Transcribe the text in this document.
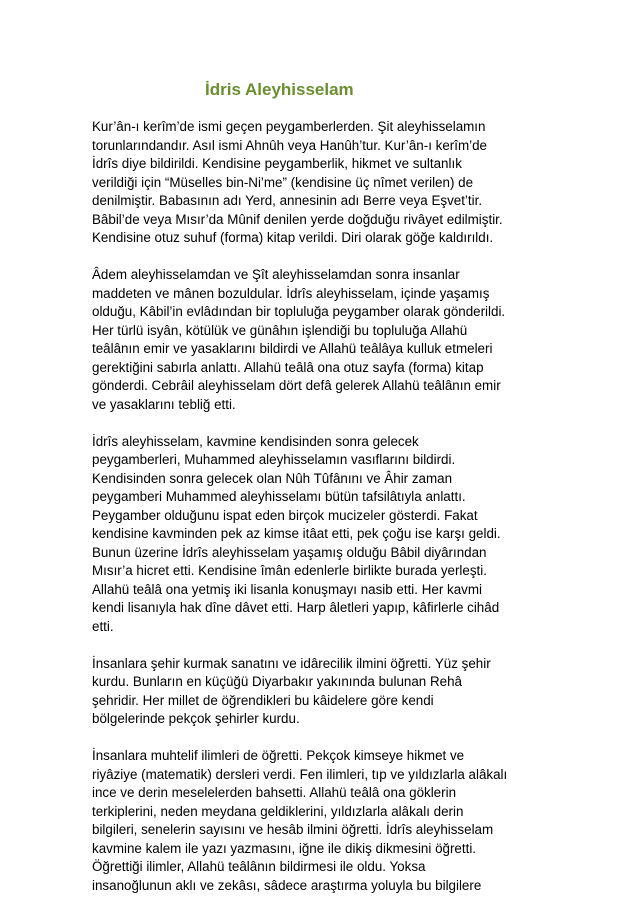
İdris Aleyhisselam
Kur’ân-ı kerîm’de ismi geçen peygamberlerden. Şit aleyhisselamın
torunlarındandır. Asıl ismi Ahnûh veya Hanûh’tur. Kur’ân-ı kerîm’de
İdrîs diye bildirildi. Kendisine peygamberlik, hikmet ve sultanlık
verildiği için “Müselles bin-Ni’me” (kendisine üç nîmet verilen) de
denilmiştir. Babasının adı Yerd, annesinin adı Berre veya Eşvet’tir.
Bâbil’de veya Mısır’da Mûnif denilen yerde doğduğu rivâyet edilmiştir.
Kendisine otuz suhuf (forma) kitap verildi. Diri olarak göğe kaldırıldı.
Âdem aleyhisselamdan ve Şît aleyhisselamdan sonra insanlar
maddeten ve mânen bozuldular. İdrîs aleyhisselam, içinde yaşamış
olduğu, Kâbil’in evlâdından bir topluluğa peygamber olarak gönderildi.
Her türlü isyân, kötülük ve günâhın işlendiği bu topluluğa Allahü
teâlânın emir ve yasaklarını bildirdi ve Allahü teâlâya kulluk etmeleri
gerektiğini sabırla anlattı. Allahü teâlâ ona otuz sayfa (forma) kitap
gönderdi. Cebrâil aleyhisselam dört defâ gelerek Allahü teâlânın emir
ve yasaklarını tebliğ etti.
İdrîs aleyhisselam, kavmine kendisinden sonra gelecek
peygamberleri, Muhammed aleyhisselamın vasıflarını bildirdi.
Kendisinden sonra gelecek olan Nûh Tûfânını ve Âhir zaman
peygamberi Muhammed aleyhisselamı bütün tafsilâtıyla anlattı.
Peygamber olduğunu ispat eden birçok mucizeler gösterdi. Fakat
kendisine kavminden pek az kimse itâat etti, pek çoğu ise karşı geldi.
Bunun üzerine İdrîs aleyhisselam yaşamış olduğu Bâbil diyârından
Mısır’a hicret etti. Kendisine îmân edenlerle birlikte burada yerleşti.
Allahü teâlâ ona yetmiş iki lisanla konuşmayı nasib etti. Her kavmi
kendi lisanıyla hak dîne dâvet etti. Harp âletleri yapıp, kâfirlerle cihâd
etti.
İnsanlara şehir kurmak sanatını ve idârecilik ilmini öğretti. Yüz şehir
kurdu. Bunların en küçüğü Diyarbakır yakınında bulunan Rehâ
şehridir. Her millet de öğrendikleri bu kâidelere göre kendi
bölgelerinde pekçok şehirler kurdu.
İnsanlara muhtelif ilimleri de öğretti. Pekçok kimseye hikmet ve
riyâziye (matematik) dersleri verdi. Fen ilimleri, tıp ve yıldızlarla alâkalı
ince ve derin meselelerden bahsetti. Allahü teâlâ ona göklerin
terkiplerini, neden meydana geldiklerini, yıldızlarla alâkalı derin
bilgileri, senelerin sayısını ve hesâb ilmini öğretti. İdrîs aleyhisselam
kavmine kalem ile yazı yazmasını, iğne ile dikiş dikmesini öğretti.
Öğrettiği ilimler, Allahü teâlânın bildirmesi ile oldu. Yoksa
insanoğlunun aklı ve zekâsı, sâdece araştırma yoluyla bu bilgilere
